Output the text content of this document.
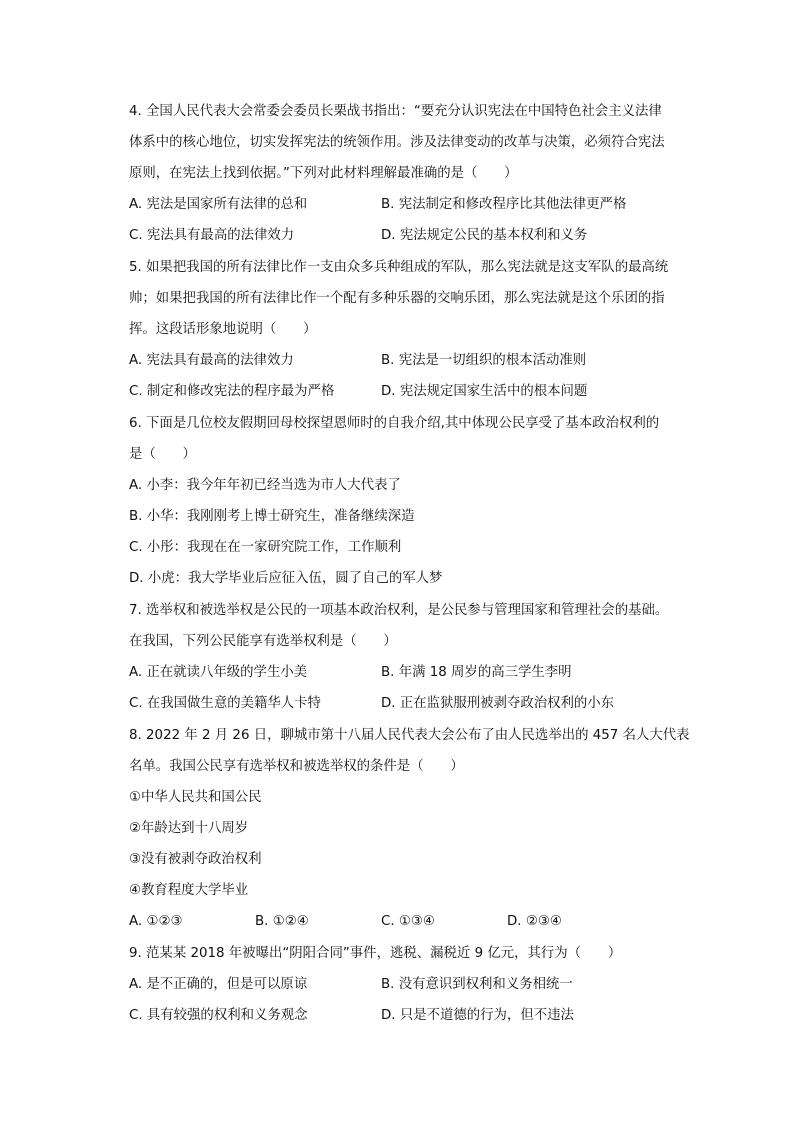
4. 全国人民代表大会常委会委员长栗战书指出：“要充分认识宪法在中国特色社会主义法律
体系中的核心地位，切实发挥宪法的统领作用。涉及法律变动的改革与决策，必须符合宪法
原则，在宪法上找到依据。”下列对此材料理解最准确的是（　　）
A. 宪法是国家所有法律的总和	B. 宪法制定和修改程序比其他法律更严格
C. 宪法具有最高的法律效力	D. 宪法规定公民的基本权利和义务
5. 如果把我国的所有法律比作一支由众多兵种组成的军队，那么宪法就是这支军队的最高统
帅；如果把我国的所有法律比作一个配有多种乐器的交响乐团，那么宪法就是这个乐团的指
挥。这段话形象地说明（　　）
A. 宪法具有最高的法律效力	B. 宪法是一切组织的根本活动准则
C. 制定和修改宪法的程序最为严格	D. 宪法规定国家生活中的根本问题
6. 下面是几位校友假期回母校探望恩师时的自我介绍,其中体现公民享受了基本政治权利的
是（　　）
A. 小李：我今年年初已经当选为市人大代表了
B. 小华：我刚刚考上博士研究生，准备继续深造
C. 小彤：我现在在一家研究院工作，工作顺利
D. 小虎：我大学毕业后应征入伍，圆了自己的军人梦
7. 选举权和被选举权是公民的一项基本政治权利，是公民参与管理国家和管理社会的基础。
在我国，下列公民能享有选举权利是（　　）
A. 正在就读八年级的学生小美	B. 年满 18 周岁的高三学生李明
C. 在我国做生意的美籍华人卡特	D. 正在监狱服刑被剥夺政治权利的小东
8. 2022 年 2 月 26 日，聊城市第十八届人民代表大会公布了由人民选举出的 457 名人大代表
名单。我国公民享有选举权和被选举权的条件是（　　）
①中华人民共和国公民
②年龄达到十八周岁
③没有被剥夺政治权利
④教育程度大学毕业
A. ①②③	B. ①②④	C. ①③④	D. ②③④
9. 范某某 2018 年被曝出“阴阳合同”事件，逃税、漏税近 9 亿元，其行为（　　）
A. 是不正确的，但是可以原谅	B. 没有意识到权利和义务相统一
C. 具有较强的权利和义务观念	D. 只是不道德的行为，但不违法
